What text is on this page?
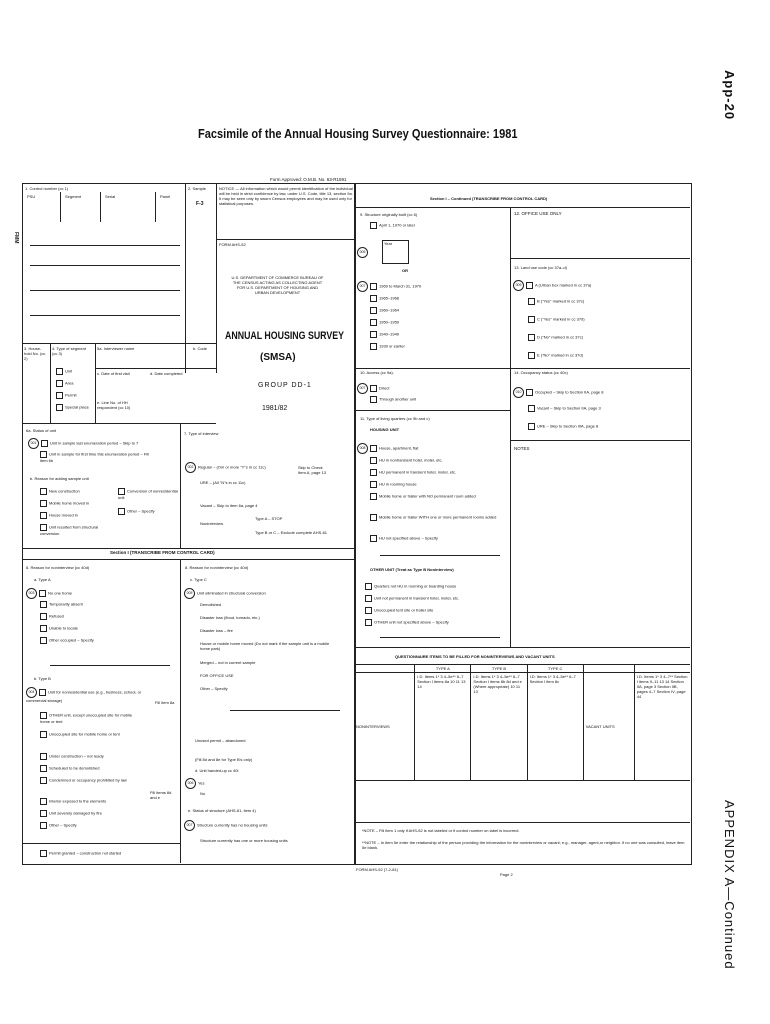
App-20
APPENDIX A—Continued
Facsimile of the Annual Housing Survey Questionnaire: 1981
Form Approved: O.M.B. No. 63-R1591
FMM
1. Control number (cc 1)
PSU	Segment	Serial	Panel
2. Sample
F-3
NOTICE — All information which would permit identification of the individual will be held in strict confidence by law, under U.S. Code, title 13, section 9a. It may be seen only by sworn Census employees and may be used only for statistical purposes.
FORM AHS-52
U.S. DEPARTMENT OF COMMERCE BUREAU OF THE CENSUS ACTING AS COLLECTING AGENT FOR U.S. DEPARTMENT OF HOUSING AND URBAN DEVELOPMENT
ANNUAL HOUSING SURVEY
(SMSA)
GROUP DD-1
1981/82
3. House-hold No. (cc 2)
4. Type of segment (cc 3)
5a. Interviewer name	b. Code
Unit
Area
Permit
Special place
c. Date of first visit	d. Date completed
e. Line No. of HH respondent (cc 10)
6a. Status of unit
001	Unit in sample last enumeration period – Skip to 7
Unit in sample for first time this enumeration period – Fill item 6b
b. Reason for adding sample unit
New construction
Mobile home moved in
House moved in
Unit resulted from structural conversion
Conversion of nonresidential unit
Other – Specify
7. Type of interview
002 Regular – (Om or more "Y"s in cc 11c)
URE – (All "N"s in cc 11c)
Skip to Check Item A, page 13
Vacant – Skip to item 6a, page 4
Noninterview
Type A – STOP
Type B or C – Exclude complete AHS-61
Section I (TRANSCRIBE FROM CONTROL CARD)
8. Reason for noninterview (cc 40d)
a. Type A
003	No one home
Temporarily absent
Refused
Unable to locate
Other occupied – Specify
b. Type B
004	Unit for nonresidential use (e.g., business, school, or commercial storage)	Fill item 8a
OTHER unit, except unoccupied site for mobile home or tent
Unoccupied site for mobile home or tent
Under construction – not ready
Scheduled to be demolished
Condemned or occupancy prohibited by law
Fill items 8d and e
Interior exposed to the elements
Unit severely damaged by fire
Other – Specify
Permit granted – construction not started
8. Reason for noninterview (cc 40d)
c. Type C
005 Unit eliminated in structural conversion
Demolished
Disaster loss (flood, tornado, etc.)
Disaster loss – fire
House or mobile home moved (Do not mark if the sample unit is a mobile home park)
Merged – not in current sample
FOR OFFICE USE
Other – Specify
Unused permit – abandoned
(Fill 8d and 8e for Type B's only)
d. Unit handed-up cc 40i
006 Yes
No
e. Status of structure (AHS-61, item 4)
007 Structure currently has no housing units
Structure currently has one or more housing units
Section I – Continued (TRANSCRIBE FROM CONTROL CARD)
9. Structure originally built (cc 6)
April 1, 1970 or later
006
Year
OR
007	1969 to March 31, 1970
1965–1968
1960–1964
1950–1959
1940–1949
1939 or earlier
12. OFFICE USE ONLY
13. Land use code (cc 37a–d)
009	A (Urban box marked in cc 37a)
B ("Yes" marked in cc 37c)
C ("Yes" marked in cc 37d)
D ("No" marked in cc 37c)
E ("No" marked in cc 37d)
10. Access (cc 9a).
007	Direct
Through another unit
14. Occupancy status (cc 40c)
010	Occupied – Skip to Section IIA, page 8
Vacant – Skip to Section IIA, page 3
URE – Skip to Section IIIA, page 8
11. Type of living quarters (cc 9b and c)
HOUSING UNIT
008	House, apartment, flat
HU in nontransient hotel, motel, etc.
HU permanent in transient hotel, motel, etc.
HU in rooming house
Mobile home or trailer with NO permanent room added
Mobile home or trailer WITH one or more permanent rooms added
HU not specified above – Specify
NOTES
OTHER UNIT (Treat as Type B Noninterview)
Quarters not HU in rooming or boarding house
Unit not permanent in transient hotel, motel, etc.
Unoccupied tent site or trailer site
OTHER unit not specified above – Specify
QUESTIONNAIRE ITEMS TO BE FILLED FOR NONINTERVIEWS AND VACANT UNITS
	TYPE A	TYPE B	TYPE C		
NONINTERVIEWS	I.D. Items 1* 3 4–5e** 6–7 Section I items 8a 10 11 13 14	I.D. Items 1* 3 4–5e** 6–7 Section I items 8b 8d and e (Where appropriate) 10 11 13	I.D. Items 1* 3 4–5e** 6–7 Section I item 8c	VACANT UNITS	I.D. Items 1* 3 4–7** Section I items 9–11 13 14 Section IIA, page 3 Section IIB, pages 4–7 Section IV, page 44
*NOTE – Fill item 1 only if AHS-52 is not labeled or if control number on label is incorrect.
**NOTE – In item 5e enter the relationship of the person providing the information for the noninterview or vacant; e.g., manager, agent,or neighbor. If no one was consulted, leave item 5e blank.
FORM AHS-52 (7-2-81)
Page 2
